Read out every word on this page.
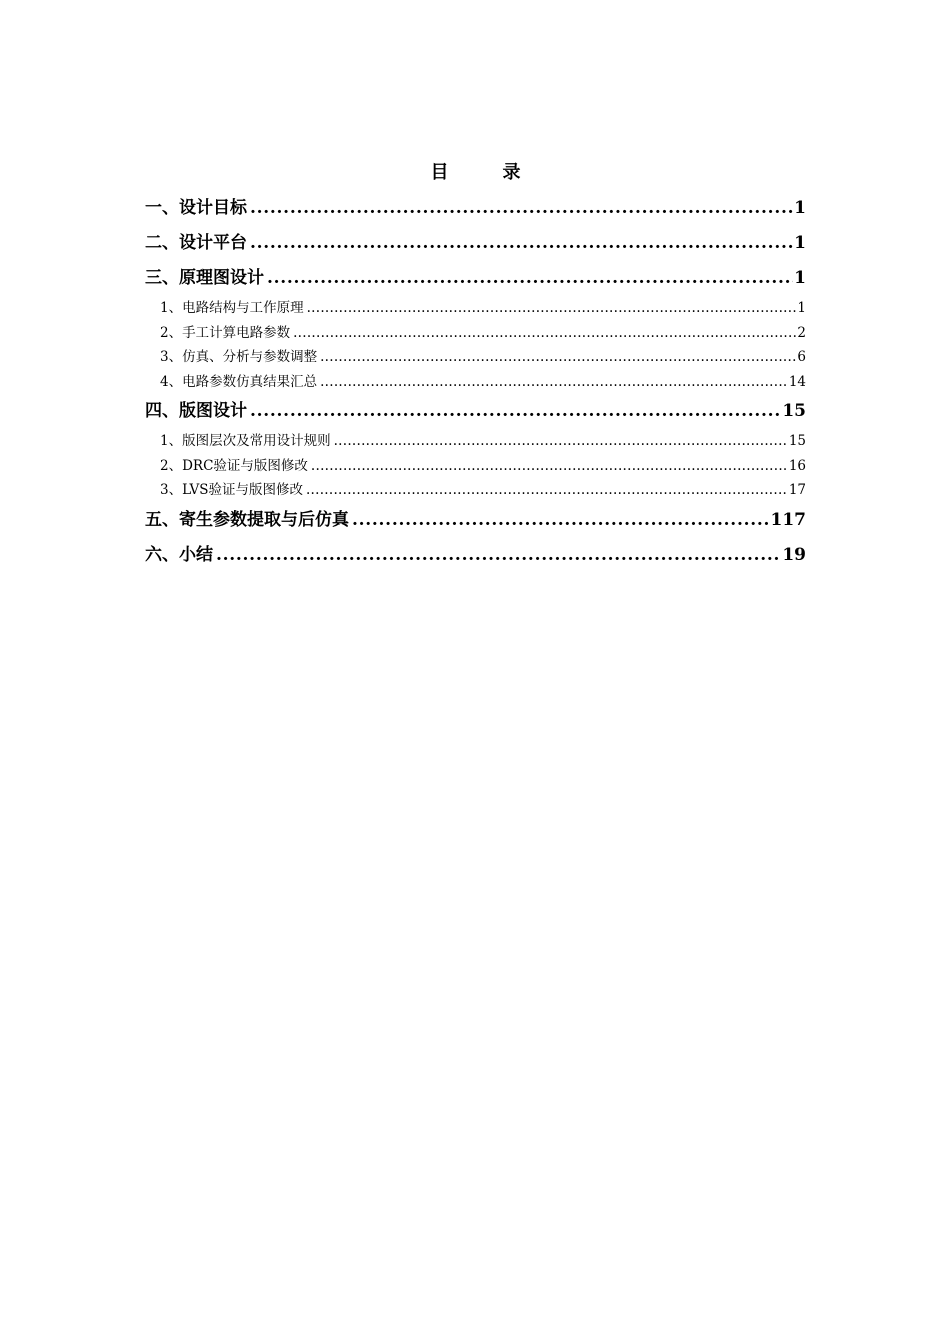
目　录
一、设计目标 . . .	1
二、设计平台 . . .	1
三、原理图设计 . . .	1
1、电路结构与工作原理 . . .	1
2、手工计算电路参数 . . .	2
3、仿真、分析与参数调整 . . .	6
4、电路参数仿真结果汇总 . . .	14
四、版图设计 . . .	15
1、版图层次及常用设计规则 . . .	15
2、DRC验证与版图修改 . . .	16
3、LVS验证与版图修改 . . .	17
五、寄生参数提取与后仿真 . . .	117
六、小结 . . .	19
